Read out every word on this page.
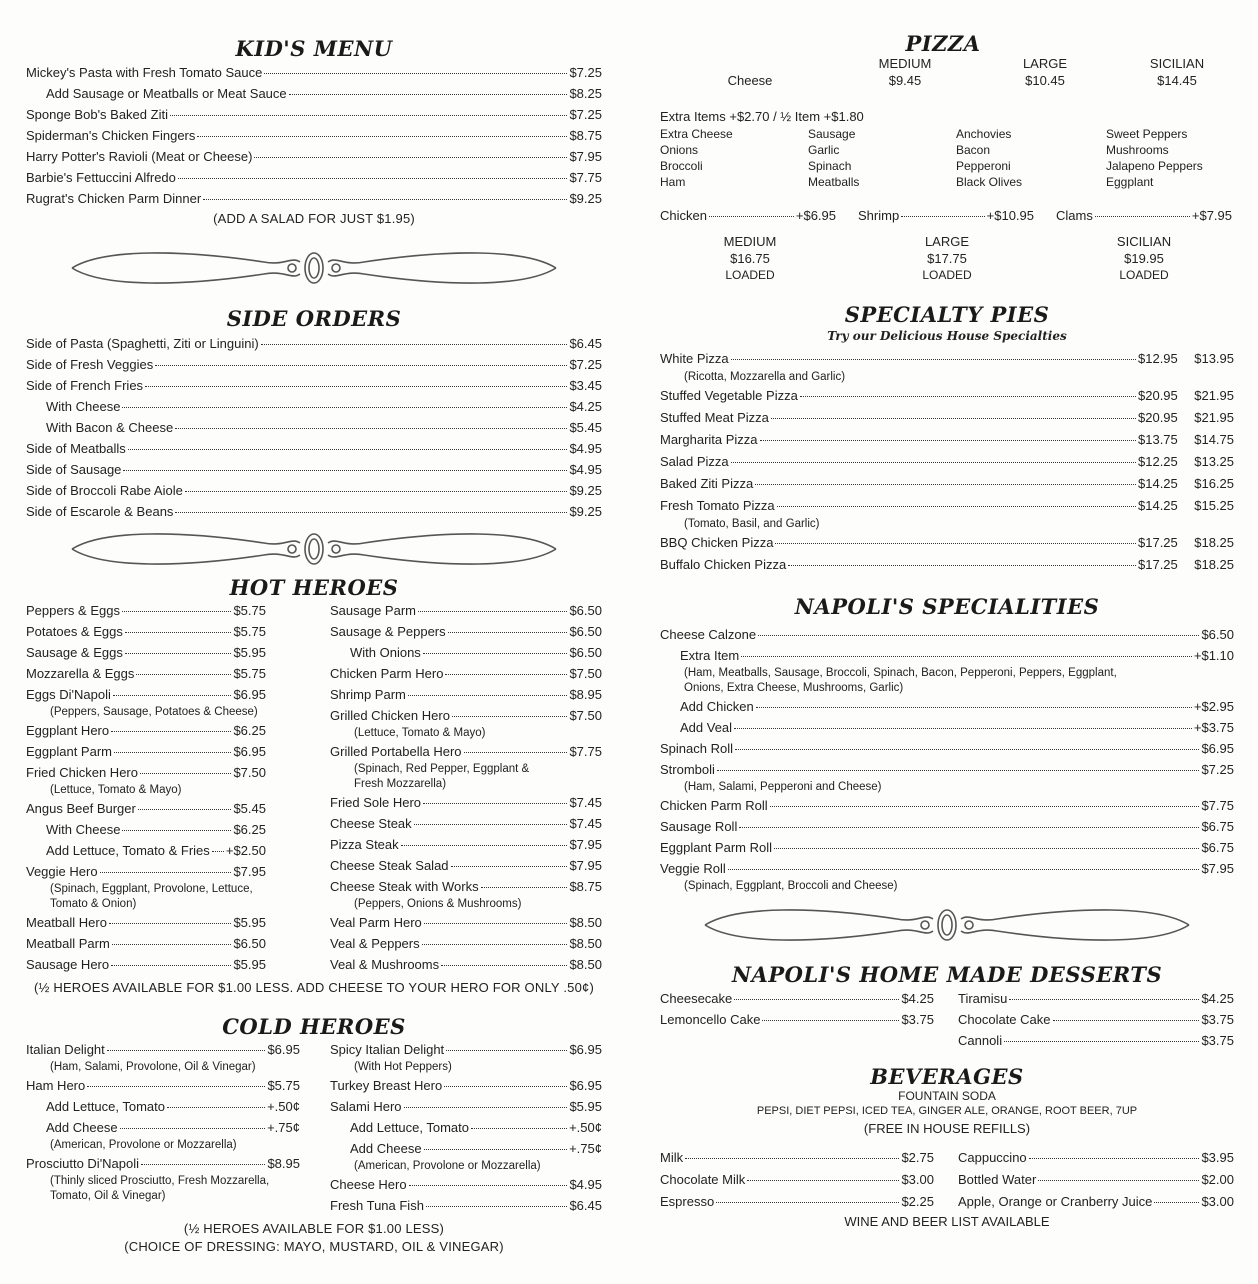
KID'S MENU
Mickey's Pasta with Fresh Tomato Sauce	$7.25
Add Sausage or Meatballs or Meat Sauce	$8.25
Sponge Bob's Baked Ziti	$7.25
Spiderman's Chicken Fingers	$8.75
Harry Potter's Ravioli (Meat or Cheese)	$7.95
Barbie's Fettuccini Alfredo	$7.75
Rugrat's Chicken Parm Dinner	$9.25
(ADD A SALAD FOR JUST $1.95)
SIDE ORDERS
Side of Pasta (Spaghetti, Ziti or Linguini)	$6.45
Side of Fresh Veggies	$7.25
Side of French Fries	$3.45
With Cheese	$4.25
With Bacon & Cheese	$5.45
Side of Meatballs	$4.95
Side of Sausage	$4.95
Side of Broccoli Rabe Aiole	$9.25
Side of Escarole & Beans	$9.25
HOT HEROES
Peppers & Eggs	$5.75
Potatoes & Eggs	$5.75
Sausage & Eggs	$5.95
Mozzarella & Eggs	$5.75
Eggs Di'Napoli	$6.95
(Peppers, Sausage, Potatoes & Cheese)
Eggplant Hero	$6.25
Eggplant Parm	$6.95
Fried Chicken Hero	$7.50
(Lettuce, Tomato & Mayo)
Angus Beef Burger	$5.45
With Cheese	$6.25
Add Lettuce, Tomato & Fries +$2.50
Veggie Hero	$7.95
(Spinach, Eggplant, Provolone, Lettuce,
Tomato & Onion)
Meatball Hero	$5.95
Meatball Parm	$6.50
Sausage Hero	$5.95
Sausage Parm	$6.50
Sausage & Peppers	$6.50
With Onions	$6.50
Chicken Parm Hero	$7.50
Shrimp Parm	$8.95
Grilled Chicken Hero	$7.50
(Lettuce, Tomato & Mayo)
Grilled Portabella Hero	$7.75
(Spinach, Red Pepper, Eggplant &
Fresh Mozzarella)
Fried Sole Hero	$7.45
Cheese Steak	$7.45
Pizza Steak	$7.95
Cheese Steak Salad	$7.95
Cheese Steak with Works	$8.75
(Peppers, Onions & Mushrooms)
Veal Parm Hero	$8.50
Veal & Peppers	$8.50
Veal & Mushrooms	$8.50
(½ HEROES AVAILABLE FOR $1.00 LESS. ADD CHEESE TO YOUR HERO FOR ONLY .50¢)
COLD HEROES
Italian Delight	$6.95
(Ham, Salami, Provolone, Oil & Vinegar)
Ham Hero	$5.75
Add Lettuce, Tomato	+.50¢
Add Cheese	+.75¢
(American, Provolone or Mozzarella)
Prosciutto Di'Napoli	$8.95
(Thinly sliced Prosciutto, Fresh Mozzarella,
Tomato, Oil & Vinegar)
Spicy Italian Delight	$6.95
(With Hot Peppers)
Turkey Breast Hero	$6.95
Salami Hero	$5.95
Add Lettuce, Tomato	+.50¢
Add Cheese	+.75¢
(American, Provolone or Mozzarella)
Cheese Hero	$4.95
Fresh Tuna Fish	$6.45
(½ HEROES AVAILABLE FOR $1.00 LESS)
(CHOICE OF DRESSING: MAYO, MUSTARD, OIL & VINEGAR)
PIZZA
MEDIUM	LARGE	SICILIAN
Cheese	$9.45	$10.45	$14.45
Extra Items +$2.70 / ½ Item +$1.80
Extra Cheese	Sausage	Anchovies	Sweet Peppers
Onions	Garlic	Bacon	Mushrooms
Broccoli	Spinach	Pepperoni	Jalapeno Peppers
Ham	Meatballs	Black Olives	Eggplant
Chicken	+$6.95 Shrimp	+$10.95 Clams	+$7.95
MEDIUM
$16.75
LOADED
LARGE
$17.75
LOADED
SICILIAN
$19.95
LOADED
SPECIALTY PIES
Try our Delicious House Specialties
White Pizza	$12.95	$13.95
(Ricotta, Mozzarella and Garlic)
Stuffed Vegetable Pizza	$20.95	$21.95
Stuffed Meat Pizza	$20.95	$21.95
Margharita Pizza	$13.75	$14.75
Salad Pizza	$12.25	$13.25
Baked Ziti Pizza	$14.25	$16.25
Fresh Tomato Pizza	$14.25	$15.25
(Tomato, Basil, and Garlic)
BBQ Chicken Pizza	$17.25	$18.25
Buffalo Chicken Pizza	$17.25	$18.25
NAPOLI'S SPECIALITIES
Cheese Calzone	$6.50
Extra Item	+$1.10
(Ham, Meatballs, Sausage, Broccoli, Spinach, Bacon, Pepperoni, Peppers, Eggplant,
Onions, Extra Cheese, Mushrooms, Garlic)
Add Chicken	+$2.95
Add Veal	+$3.75
Spinach Roll	$6.95
Stromboli	$7.25
(Ham, Salami, Pepperoni and Cheese)
Chicken Parm Roll	$7.75
Sausage Roll	$6.75
Eggplant Parm Roll	$6.75
Veggie Roll	$7.95
(Spinach, Eggplant, Broccoli and Cheese)
NAPOLI'S HOME MADE DESSERTS
Cheesecake	$4.25
Lemoncello Cake	$3.75
Tiramisu	$4.25
Chocolate Cake	$3.75
Cannoli	$3.75
BEVERAGES
FOUNTAIN SODA
PEPSI, DIET PEPSI, ICED TEA, GINGER ALE, ORANGE, ROOT BEER, 7UP
(FREE IN HOUSE REFILLS)
Milk	$2.75
Chocolate Milk	$3.00
Espresso	$2.25
Cappuccino	$3.95
Bottled Water	$2.00
Apple, Orange or Cranberry Juice	$3.00
WINE AND BEER LIST AVAILABLE
